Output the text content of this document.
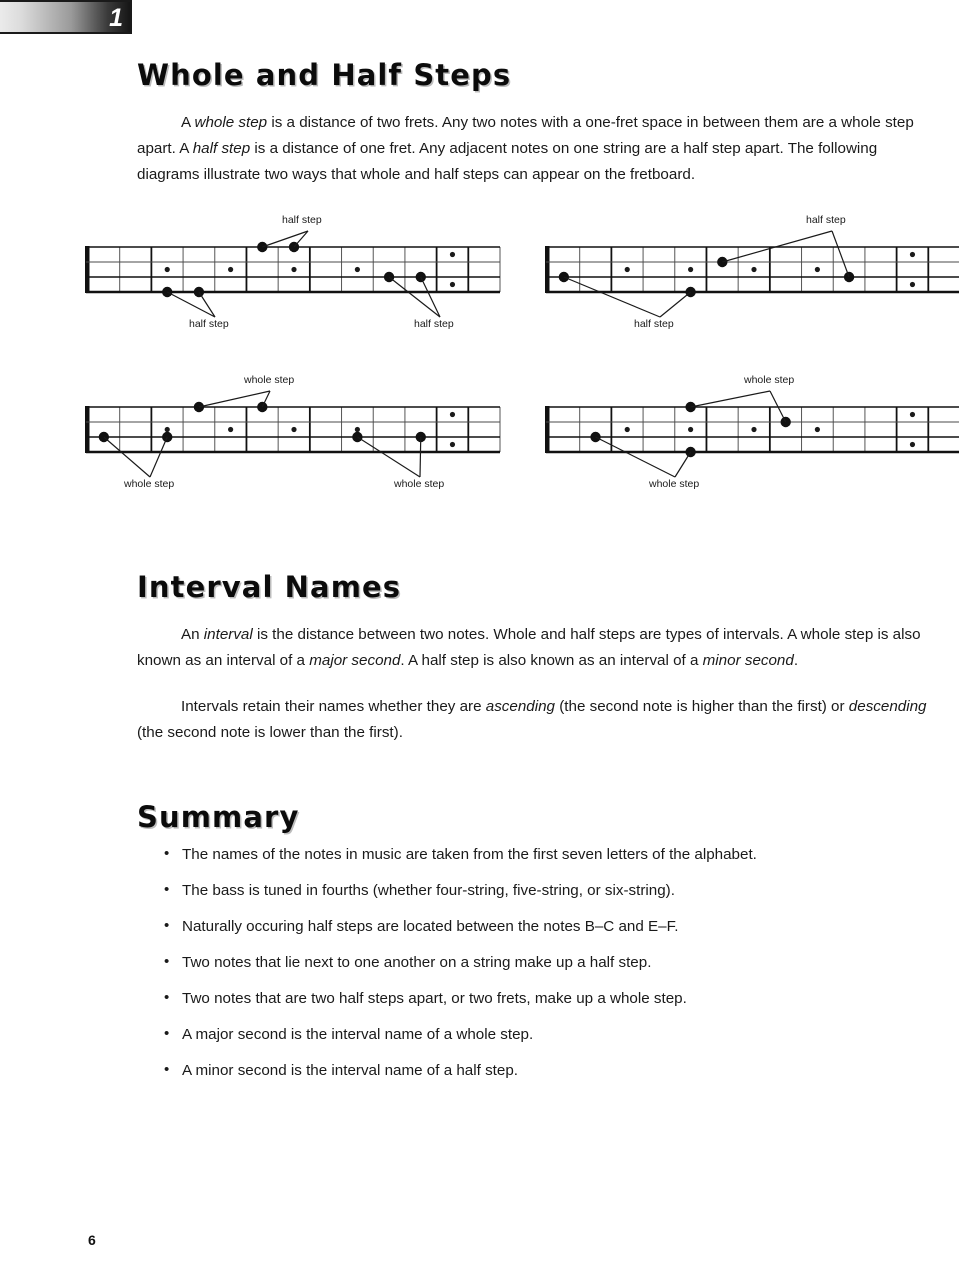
1
Whole and Half Steps
A whole step is a distance of two frets. Any two notes with a one-fret space in between them are a whole step apart. A half step is a distance of one fret. Any adjacent notes on one string are a half step apart. The following diagrams illustrate two ways that whole and half steps can appear on the fretboard.
half step
half step	half step
half step
half step
whole step
whole step	whole step
whole step
whole step
Interval Names
An interval is the distance between two notes. Whole and half steps are types of intervals. A whole step is also known as an interval of a major second. A half step is also known as an interval of a minor second.
Intervals retain their names whether they are ascending (the second note is higher than the first) or descending (the second note is lower than the first).
Summary
• The names of the notes in music are taken from the first seven letters of the alphabet.
• The bass is tuned in fourths (whether four-string, five-string, or six-string).
• Naturally occuring half steps are located between the notes B–C and E–F.
• Two notes that lie next to one another on a string make up a half step.
• Two notes that are two half steps apart, or two frets, make up a whole step.
• A major second is the interval name of a whole step.
• A minor second is the interval name of a half step.
6
